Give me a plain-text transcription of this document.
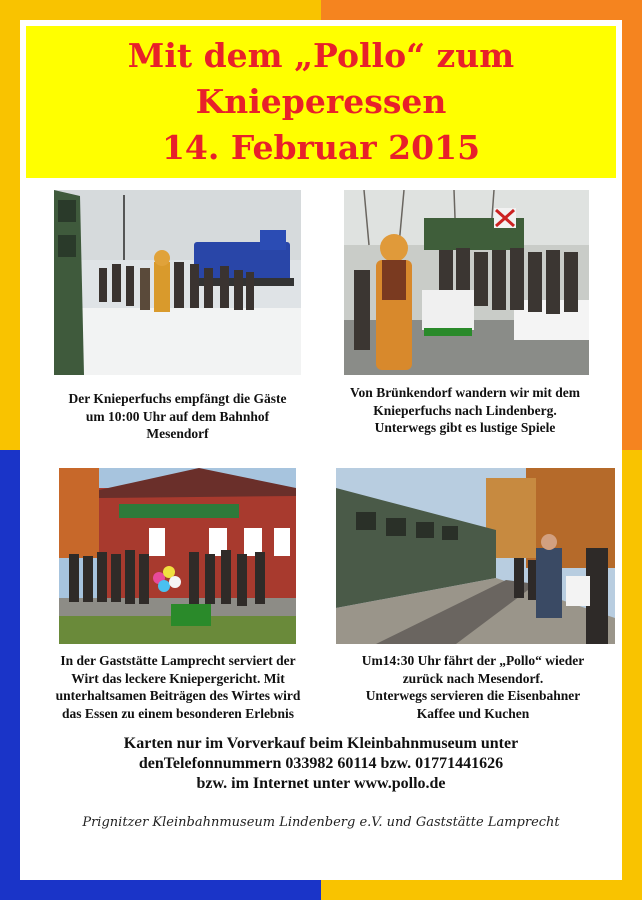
Mit dem „Pollo“ zum
Knieperessen
14. Februar 2015
Der Knieperfuchs empfängt die Gäste
um 10:00 Uhr auf dem Bahnhof
Mesendorf
Von Brünkendorf wandern wir mit dem
Knieperfuchs nach Lindenberg.
Unterwegs gibt es lustige Spiele
In der Gaststätte Lamprecht serviert der
Wirt das leckere Kniepergericht. Mit
unterhaltsamen Beiträgen des Wirtes wird
das Essen zu einem besonderen Erlebnis
Um14:30 Uhr fährt der „Pollo“ wieder
zurück nach Mesendorf.
Unterwegs servieren die Eisenbahner
Kaffee und Kuchen
Karten nur im Vorverkauf beim Kleinbahnmuseum unter
denTelefonnummern 033982 60114 bzw. 01771441626
bzw. im Internet unter www.pollo.de
Prignitzer Kleinbahnmuseum Lindenberg e.V. und Gaststätte Lamprecht
